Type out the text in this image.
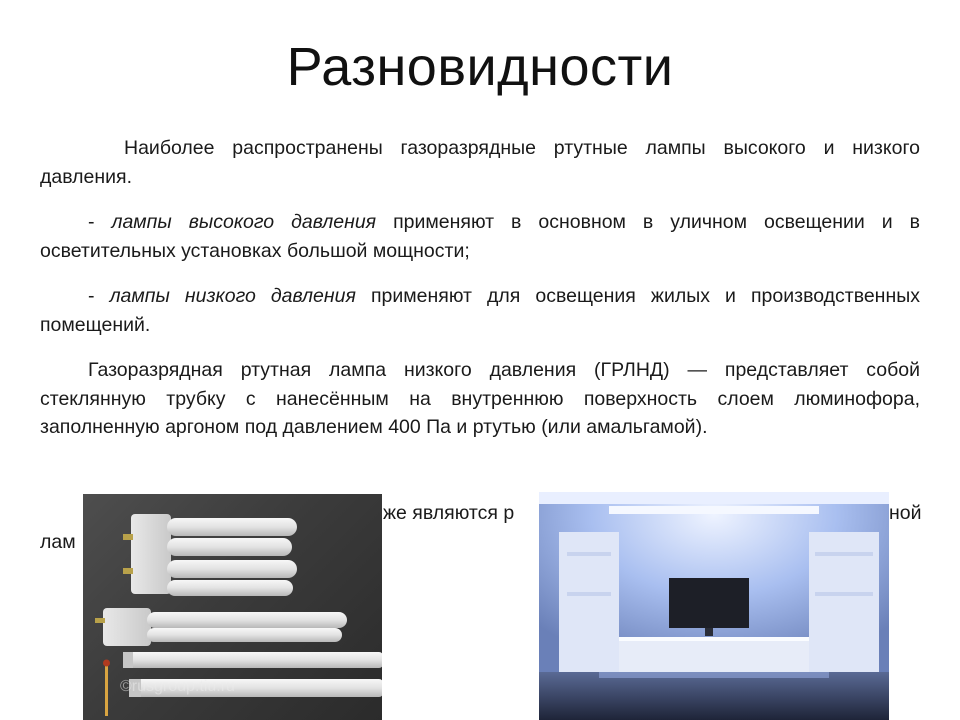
Разновидности

Наиболее распространены газоразрядные ртутные лампы высокого и низкого давления.

- лампы высокого давления применяют в основном в уличном освещении и в осветительных установках большой мощности;

- лампы низкого давления применяют для освещения жилых и производственных помещений.

Газоразрядная ртутная лампа низкого давления (ГРЛНД) — представляет собой стеклянную трубку с нанесённым на внутреннюю поверхность слоем люминофора, заполненную аргоном под давлением 400 Па и ртутью (или амальгамой).

же являются р	ной
лам
©rusgroup.tiu.ru
